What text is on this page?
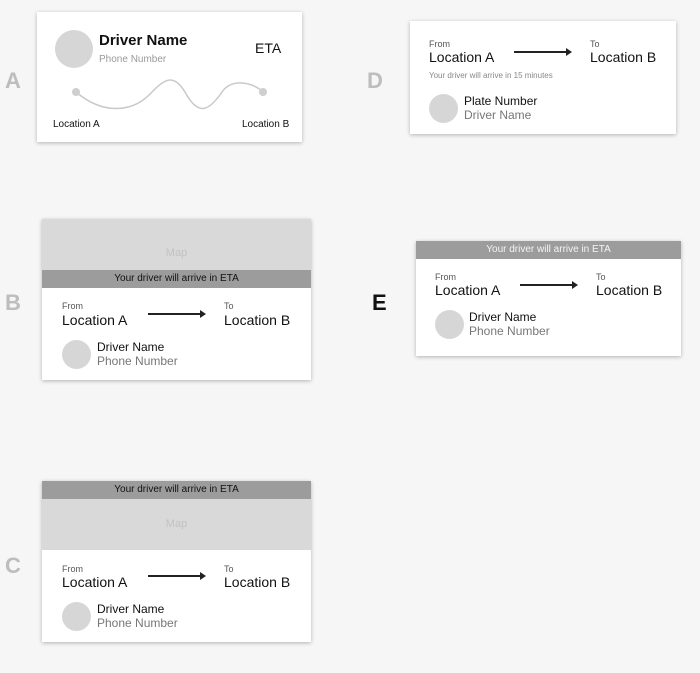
A
B
C
D
E
Driver Name
Phone Number
ETA
Location A	Location B
Map
Your driver will arrive in ETA
From
Location A
To
Location B
Driver Name
Phone Number
Your driver will arrive in ETA
Map
From
Location A
To
Location B
Driver Name
Phone Number
From
Location A
To
Location B
Your driver will arrive in 15 minutes
Plate Number
Driver Name
Your driver will arrive in ETA
From
Location A
To
Location B
Driver Name
Phone Number
